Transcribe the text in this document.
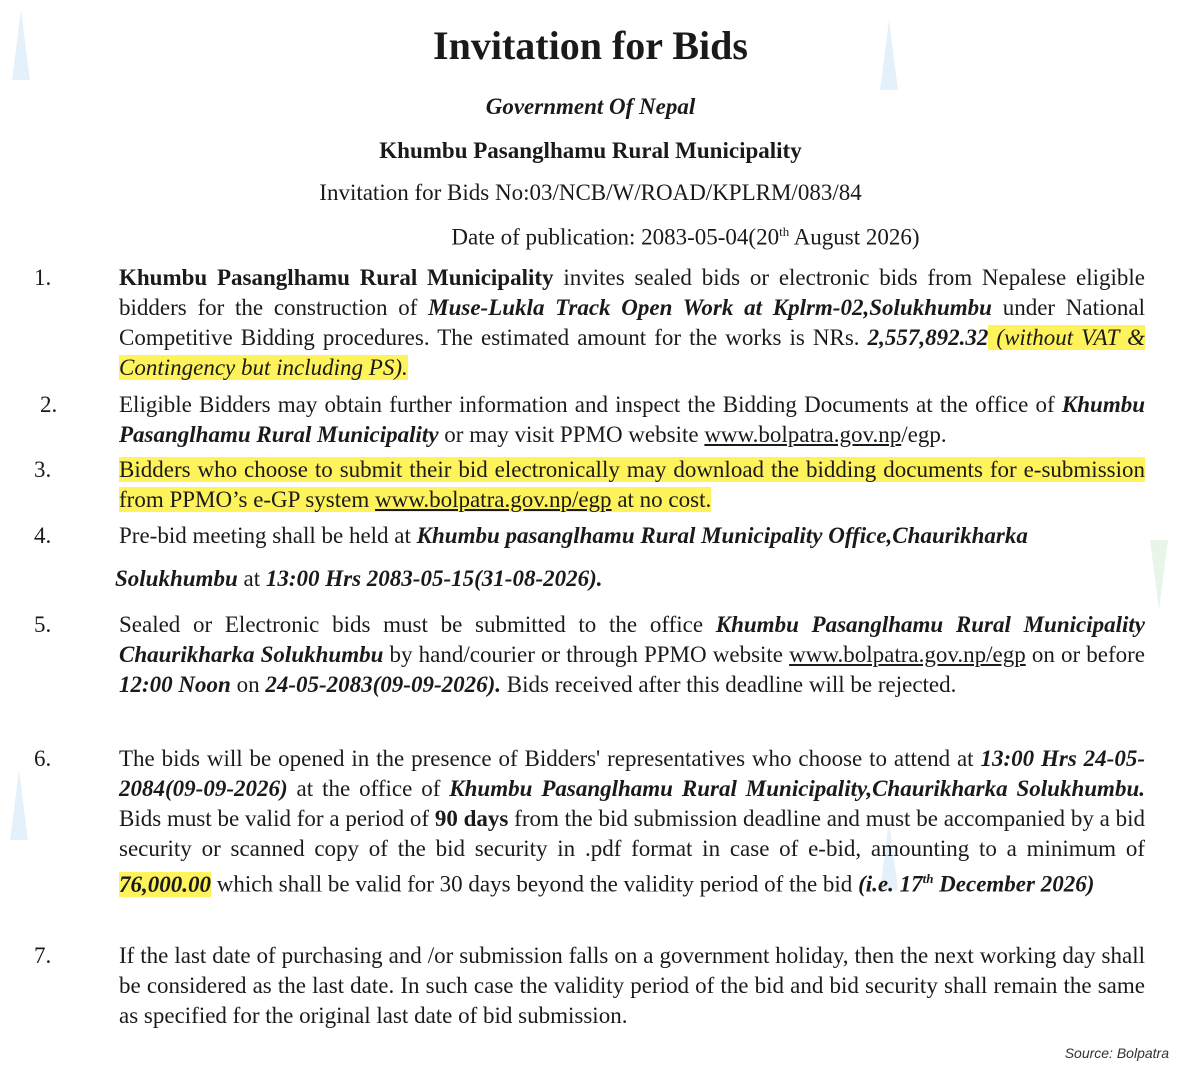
Invitation for Bids
Government Of Nepal
Khumbu Pasanglhamu Rural Municipality
Invitation for Bids No:03/NCB/W/ROAD/KPLRM/083/84
Date of publication: 2083-05-04(20th August 2026)
1.	Khumbu Pasanglhamu Rural Municipality invites sealed bids or electronic bids from Nepalese eligible bidders for the construction of Muse-Lukla Track Open Work at Kplrm-02,Solukhumbu under National Competitive Bidding procedures. The estimated amount for the works is NRs. 2,557,892.32 (without VAT & Contingency but including PS).
2.	Eligible Bidders may obtain further information and inspect the Bidding Documents at the office of Khumbu Pasanglhamu Rural Municipality or may visit PPMO website www.bolpatra.gov.np/egp.
3.	Bidders who choose to submit their bid electronically may download the bidding documents for e-submission from PPMO’s e-GP system www.bolpatra.gov.np/egp at no cost.
4.	Pre-bid meeting shall be held at Khumbu pasanglhamu Rural Municipality Office,Chaurikharka
Solukhumbu at 13:00 Hrs 2083-05-15(31-08-2026).
5.	Sealed or Electronic bids must be submitted to the office Khumbu Pasanglhamu Rural Municipality Chaurikharka Solukhumbu by hand/courier or through PPMO website www.bolpatra.gov.np/egp on or before 12:00 Noon on 24-05-2083(09-09-2026). Bids received after this deadline will be rejected.
6.	The bids will be opened in the presence of Bidders' representatives who choose to attend at 13:00 Hrs 24-05-2084(09-09-2026) at the office of Khumbu Pasanglhamu Rural Municipality,Chaurikharka Solukhumbu. Bids must be valid for a period of 90 days from the bid submission deadline and must be accompanied by a bid security or scanned copy of the bid security in .pdf format in case of e-bid, amounting to a minimum of 76,000.00 which shall be valid for 30 days beyond the validity period of the bid (i.e. 17th December 2026)
7.	If the last date of purchasing and /or submission falls on a government holiday, then the next working day shall be considered as the last date. In such case the validity period of the bid and bid security shall remain the same as specified for the original last date of bid submission.
Source: Bolpatra
